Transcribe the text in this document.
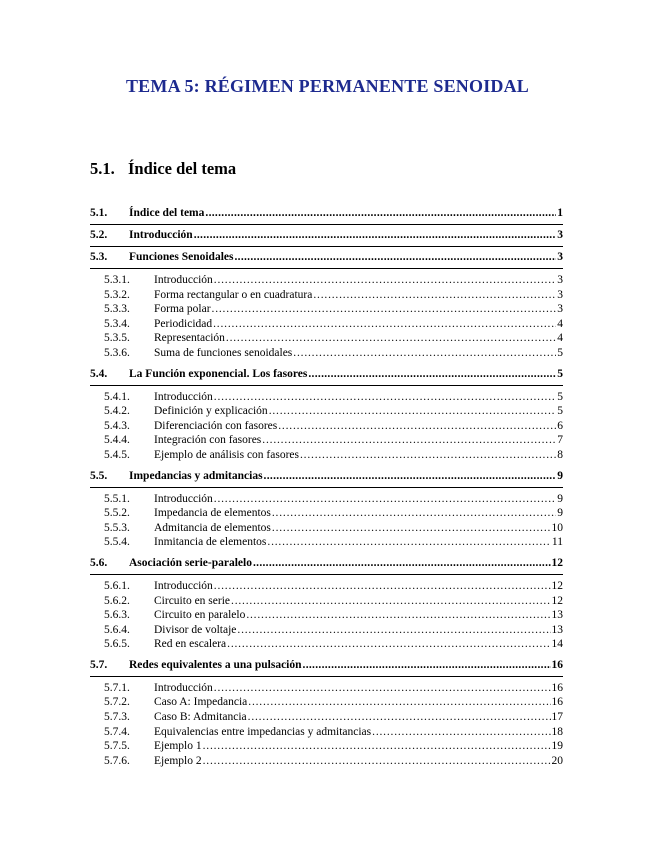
TEMA 5: RÉGIMEN PERMANENTE SENOIDAL
5.1. Índice del tema
5.1.	Índice del tema .....	1
5.2.	Introducción .....	3
5.3.	Funciones Senoidales .....	3
5.3.1.	Introducción .....	3
5.3.2.	Forma rectangular o en cuadratura .....	3
5.3.3.	Forma polar .....	3
5.3.4.	Periodicidad .....	4
5.3.5.	Representación .....	4
5.3.6.	Suma de funciones senoidales .....	5
5.4.	La Función exponencial. Los fasores .....	5
5.4.1.	Introducción .....	5
5.4.2.	Definición y explicación .....	5
5.4.3.	Diferenciación con fasores .....	6
5.4.4.	Integración con fasores .....	7
5.4.5.	Ejemplo de análisis con fasores .....	8
5.5.	Impedancias y admitancias .....	9
5.5.1.	Introducción .....	9
5.5.2.	Impedancia de elementos .....	9
5.5.3.	Admitancia de elementos .....	10
5.5.4.	Inmitancia de elementos .....	11
5.6.	Asociación serie-paralelo .....	12
5.6.1.	Introducción .....	12
5.6.2.	Circuito en serie .....	12
5.6.3.	Circuito en paralelo .....	13
5.6.4.	Divisor de voltaje .....	13
5.6.5.	Red en escalera .....	14
5.7.	Redes equivalentes a una pulsación .....	16
5.7.1.	Introducción .....	16
5.7.2.	Caso A: Impedancia .....	16
5.7.3.	Caso B: Admitancia .....	17
5.7.4.	Equivalencias entre impedancias y admitancias .....	18
5.7.5.	Ejemplo 1 .....	19
5.7.6.	Ejemplo 2 .....	20
